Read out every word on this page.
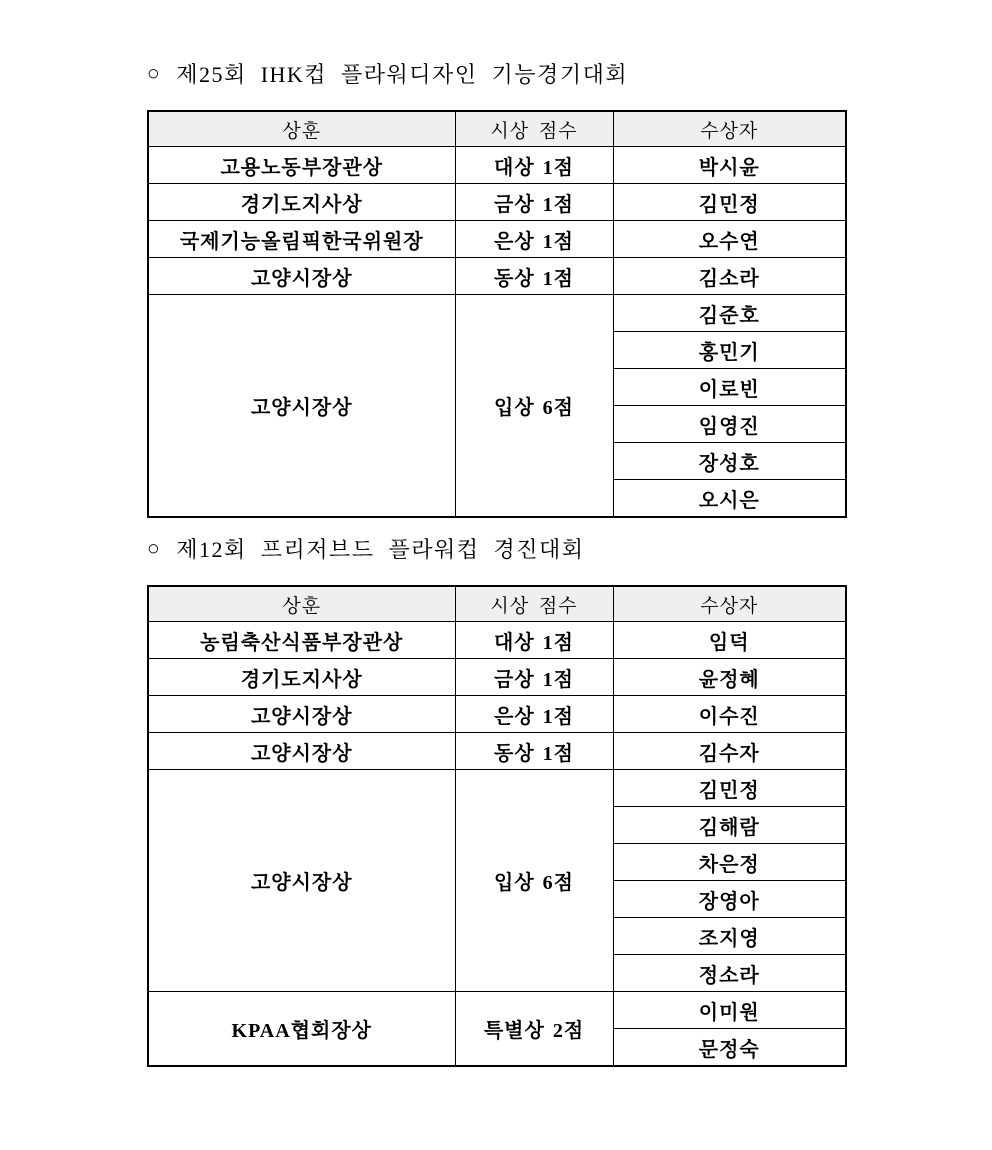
○ 제25회 IHK컵 플라워디자인 기능경기대회
상훈	시상 점수	수상자
고용노동부장관상	대상 1점	박시윤
경기도지사상	금상 1점	김민정
국제기능올림픽한국위원장	은상 1점	오수연
고양시장상	동상 1점	김소라
고양시장상	입상 6점	김준호
		홍민기
		이로빈
		임영진
		장성호
		오시은
○ 제12회 프리저브드 플라워컵 경진대회
상훈	시상 점수	수상자
농림축산식품부장관상	대상 1점	임덕
경기도지사상	금상 1점	윤정혜
고양시장상	은상 1점	이수진
고양시장상	동상 1점	김수자
고양시장상	입상 6점	김민정
		김해람
		차은정
		장영아
		조지영
		정소라
KPAA협회장상	특별상 2점	이미원
		문정숙
